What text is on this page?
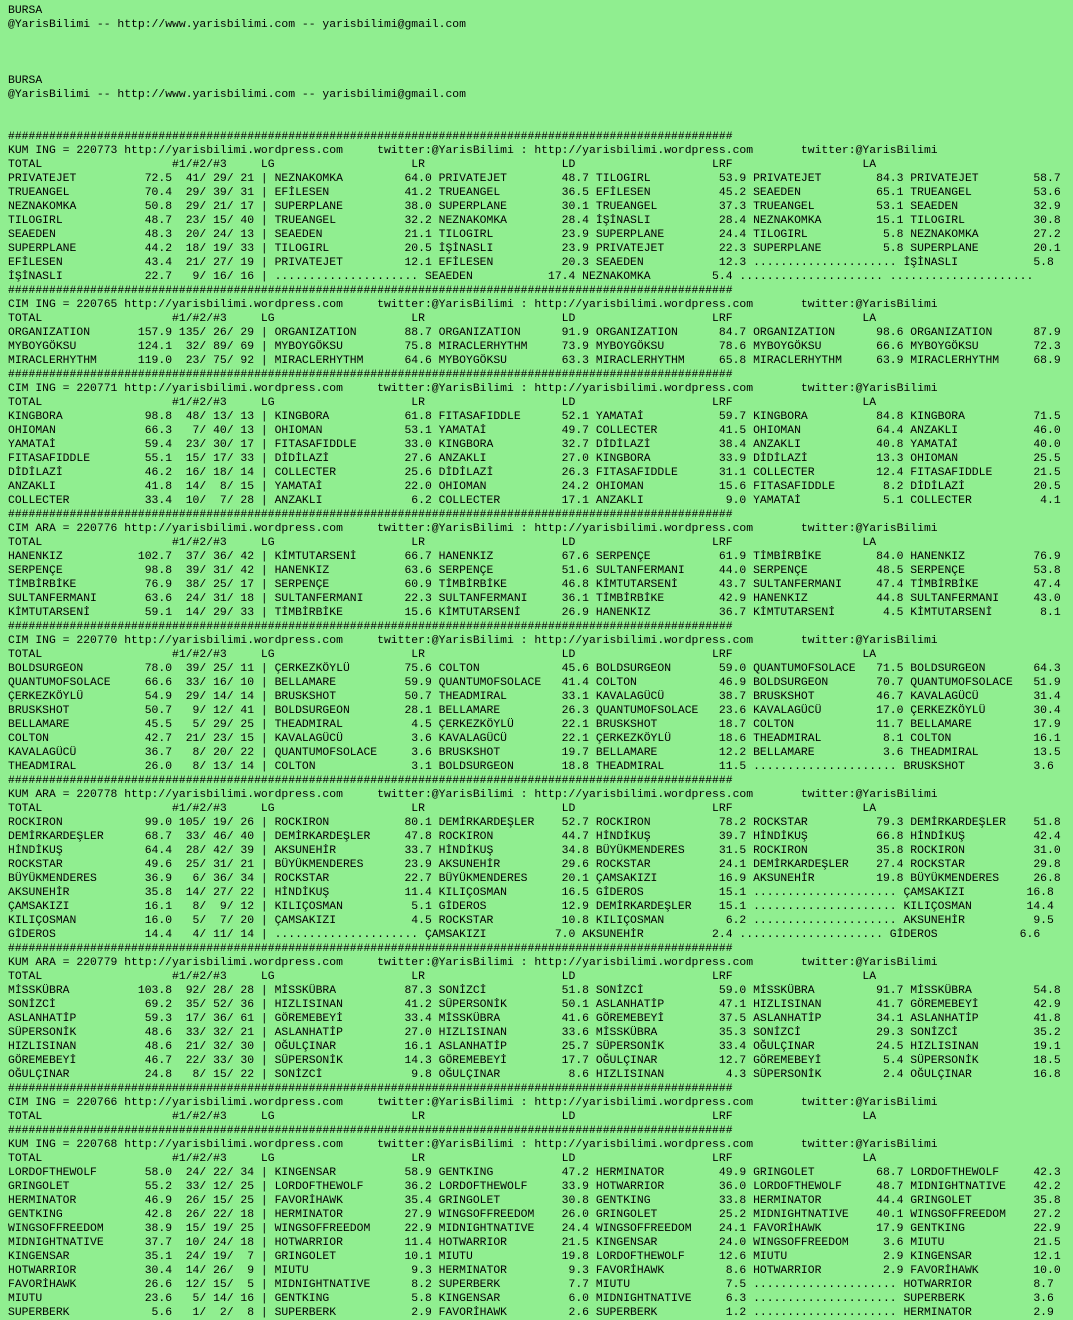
BURSA
@YarisBilimi -- http://www.yarisbilimi.com -- yarisbilimi@gmail.com

BURSA
@YarisBilimi -- http://www.yarisbilimi.com -- yarisbilimi@gmail.com

##########################################################################################################
KUM ING = 220773 http://yarisbilimi.wordpress.com     twitter:@YarisBilimi : http://yarisbilimi.wordpress.com       twitter:@YarisBilimi
TOTAL                   #1/#2/#3     LG                    LR                    LD                    LRF                   LA
PRIVATEJET          72.5  41/ 29/ 21 | NEZNAKOMKA         64.0 PRIVATEJET        48.7 TILOGIRL          53.9 PRIVATEJET        84.3 PRIVATEJET        58.7
TRUEANGEL           70.4  29/ 39/ 31 | EFİLESEN           41.2 TRUEANGEL         36.5 EFİLESEN          45.2 SEAEDEN           65.1 TRUEANGEL         53.6
NEZNAKOMKA          50.8  29/ 21/ 17 | SUPERPLANE         38.0 SUPERPLANE        30.1 TRUEANGEL         37.3 TRUEANGEL         53.1 SEAEDEN           32.9
TILOGIRL            48.7  23/ 15/ 40 | TRUEANGEL          32.2 NEZNAKOMKA        28.4 İŞİNASLI          28.4 NEZNAKOMKA        15.1 TILOGIRL          30.8
SEAEDEN             48.3  20/ 24/ 13 | SEAEDEN            21.1 TILOGIRL          23.9 SUPERPLANE        24.4 TILOGIRL           5.8 NEZNAKOMKA        27.2
SUPERPLANE          44.2  18/ 19/ 33 | TILOGIRL           20.5 İŞİNASLI          23.9 PRIVATEJET        22.3 SUPERPLANE         5.8 SUPERPLANE        20.1
EFİLESEN            43.4  21/ 27/ 19 | PRIVATEJET         12.1 EFİLESEN          20.3 SEAEDEN           12.3 ..................... İŞİNASLI           5.8
İŞİNASLI            22.7   9/ 16/ 16 | ..................... SEAEDEN           17.4 NEZNAKOMKA         5.4 ..................... .....................
##########################################################################################################
CIM ING = 220765 http://yarisbilimi.wordpress.com     twitter:@YarisBilimi : http://yarisbilimi.wordpress.com       twitter:@YarisBilimi
TOTAL                   #1/#2/#3     LG                    LR                    LD                    LRF                   LA
ORGANIZATION       157.9 135/ 26/ 29 | ORGANIZATION       88.7 ORGANIZATION      91.9 ORGANIZATION      84.7 ORGANIZATION      98.6 ORGANIZATION      87.9
MYBOYGÖKSU         124.1  32/ 89/ 69 | MYBOYGÖKSU         75.8 MIRACLERHYTHM     73.9 MYBOYGÖKSU        78.6 MYBOYGÖKSU        66.6 MYBOYGÖKSU        72.3
MIRACLERHYTHM      119.0  23/ 75/ 92 | MIRACLERHYTHM      64.6 MYBOYGÖKSU        63.3 MIRACLERHYTHM     65.8 MIRACLERHYTHM     63.9 MIRACLERHYTHM     68.9
##########################################################################################################
CIM ING = 220771 http://yarisbilimi.wordpress.com     twitter:@YarisBilimi : http://yarisbilimi.wordpress.com       twitter:@YarisBilimi
TOTAL                   #1/#2/#3     LG                    LR                    LD                    LRF                   LA
KINGBORA            98.8  48/ 13/ 13 | KINGBORA           61.8 FITASAFIDDLE      52.1 YAMATAİ           59.7 KINGBORA          84.8 KINGBORA          71.5
OHIOMAN             66.3   7/ 40/ 13 | OHIOMAN            53.1 YAMATAİ           49.7 COLLECTER         41.5 OHIOMAN           64.4 ANZAKLI           46.0
YAMATAİ             59.4  23/ 30/ 17 | FITASAFIDDLE       33.0 KINGBORA          32.7 DİDİLAZİ          38.4 ANZAKLI           40.8 YAMATAİ           40.0
FITASAFIDDLE        55.1  15/ 17/ 33 | DİDİLAZİ           27.6 ANZAKLI           27.0 KINGBORA          33.9 DİDİLAZİ          13.3 OHIOMAN           25.5
DİDİLAZİ            46.2  16/ 18/ 14 | COLLECTER          25.6 DİDİLAZİ          26.3 FITASAFIDDLE      31.1 COLLECTER         12.4 FITASAFIDDLE      21.5
ANZAKLI             41.8  14/  8/ 15 | YAMATAİ            22.0 OHIOMAN           24.2 OHIOMAN           15.6 FITASAFIDDLE       8.2 DİDİLAZİ          20.5
COLLECTER           33.4  10/  7/ 28 | ANZAKLI             6.2 COLLECTER         17.1 ANZAKLI            9.0 YAMATAİ            5.1 COLLECTER          4.1
##########################################################################################################
CIM ARA = 220776 http://yarisbilimi.wordpress.com     twitter:@YarisBilimi : http://yarisbilimi.wordpress.com       twitter:@YarisBilimi
TOTAL                   #1/#2/#3     LG                    LR                    LD                    LRF                   LA
HANENKIZ           102.7  37/ 36/ 42 | KİMTUTARSENİ       66.7 HANENKIZ          67.6 SERPENÇE          61.9 TİMBİRBİKE        84.0 HANENKIZ          76.9
SERPENÇE            98.8  39/ 31/ 42 | HANENKIZ           63.6 SERPENÇE          51.6 SULTANFERMANI     44.0 SERPENÇE          48.5 SERPENÇE          53.8
TİMBİRBİKE          76.9  38/ 25/ 17 | SERPENÇE           60.9 TİMBİRBİKE        46.8 KİMTUTARSENİ      43.7 SULTANFERMANI     47.4 TİMBİRBİKE        47.4
SULTANFERMANI       63.6  24/ 31/ 18 | SULTANFERMANI      22.3 SULTANFERMANI     36.1 TİMBİRBİKE        42.9 HANENKIZ          44.8 SULTANFERMANI     43.0
KİMTUTARSENİ        59.1  14/ 29/ 33 | TİMBİRBİKE         15.6 KİMTUTARSENİ      26.9 HANENKIZ          36.7 KİMTUTARSENİ       4.5 KİMTUTARSENİ       8.1
##########################################################################################################
CIM ING = 220770 http://yarisbilimi.wordpress.com     twitter:@YarisBilimi : http://yarisbilimi.wordpress.com       twitter:@YarisBilimi
TOTAL                   #1/#2/#3     LG                    LR                    LD                    LRF                   LA
BOLDSURGEON         78.0  39/ 25/ 11 | ÇERKEZKÖYLÜ        75.6 COLTON            45.6 BOLDSURGEON       59.0 QUANTUMOFSOLACE   71.5 BOLDSURGEON       64.3
QUANTUMOFSOLACE     66.6  33/ 16/ 10 | BELLAMARE          59.9 QUANTUMOFSOLACE   41.4 COLTON            46.9 BOLDSURGEON       70.7 QUANTUMOFSOLACE   51.9
ÇERKEZKÖYLÜ         54.9  29/ 14/ 14 | BRUSKSHOT          50.7 THEADMIRAL        33.1 KAVALAGÜCÜ        38.7 BRUSKSHOT         46.7 KAVALAGÜCÜ        31.4
BRUSKSHOT           50.7   9/ 12/ 41 | BOLDSURGEON        28.1 BELLAMARE         26.3 QUANTUMOFSOLACE   23.6 KAVALAGÜCÜ        17.0 ÇERKEZKÖYLÜ       30.4
BELLAMARE           45.5   5/ 29/ 25 | THEADMIRAL          4.5 ÇERKEZKÖYLÜ       22.1 BRUSKSHOT         18.7 COLTON            11.7 BELLAMARE         17.9
COLTON              42.7  21/ 23/ 15 | KAVALAGÜCÜ          3.6 KAVALAGÜCÜ        22.1 ÇERKEZKÖYLÜ       18.6 THEADMIRAL         8.1 COLTON            16.1
KAVALAGÜCÜ          36.7   8/ 20/ 22 | QUANTUMOFSOLACE     3.6 BRUSKSHOT         19.7 BELLAMARE         12.2 BELLAMARE          3.6 THEADMIRAL        13.5
THEADMIRAL          26.0   8/ 13/ 14 | COLTON              3.1 BOLDSURGEON       18.8 THEADMIRAL        11.5 ..................... BRUSKSHOT          3.6
##########################################################################################################
KUM ARA = 220778 http://yarisbilimi.wordpress.com     twitter:@YarisBilimi : http://yarisbilimi.wordpress.com       twitter:@YarisBilimi
TOTAL                   #1/#2/#3     LG                    LR                    LD                    LRF                   LA
ROCKIRON            99.0 105/ 19/ 26 | ROCKIRON           80.1 DEMİRKARDEŞLER    52.7 ROCKIRON          78.2 ROCKSTAR          79.3 DEMİRKARDEŞLER    51.8
DEMİRKARDEŞLER      68.7  33/ 46/ 40 | DEMİRKARDEŞLER     47.8 ROCKIRON          44.7 HİNDİKUŞ          39.7 HİNDİKUŞ          66.8 HİNDİKUŞ          42.4
HİNDİKUŞ            64.4  28/ 42/ 39 | AKSUNEHİR          33.7 HİNDİKUŞ          34.8 BÜYÜKMENDERES     31.5 ROCKIRON          35.8 ROCKIRON          31.0
ROCKSTAR            49.6  25/ 31/ 21 | BÜYÜKMENDERES      23.9 AKSUNEHİR         29.6 ROCKSTAR          24.1 DEMİRKARDEŞLER    27.4 ROCKSTAR          29.8
BÜYÜKMENDERES       36.9   6/ 36/ 34 | ROCKSTAR           22.7 BÜYÜKMENDERES     20.1 ÇAMSAKIZI         16.9 AKSUNEHİR         19.8 BÜYÜKMENDERES     26.8
AKSUNEHİR           35.8  14/ 27/ 22 | HİNDİKUŞ           11.4 KILIÇOSMAN        16.5 GİDEROS           15.1 ..................... ÇAMSAKIZI         16.8
ÇAMSAKIZI           16.1   8/  9/ 12 | KILIÇOSMAN          5.1 GİDEROS           12.9 DEMİRKARDEŞLER    15.1 ..................... KILIÇOSMAN        14.4
KILIÇOSMAN          16.0   5/  7/ 20 | ÇAMSAKIZI           4.5 ROCKSTAR          10.8 KILIÇOSMAN         6.2 ..................... AKSUNEHİR          9.5
GİDEROS             14.4   4/ 11/ 14 | ..................... ÇAMSAKIZI          7.0 AKSUNEHİR          2.4 ..................... GİDEROS            6.6
##########################################################################################################
KUM ARA = 220779 http://yarisbilimi.wordpress.com     twitter:@YarisBilimi : http://yarisbilimi.wordpress.com       twitter:@YarisBilimi
TOTAL                   #1/#2/#3     LG                    LR                    LD                    LRF                   LA
MİSSKÜBRA          103.8  92/ 28/ 28 | MİSSKÜBRA          87.3 SONİZCİ           51.8 SONİZCİ           59.0 MİSSKÜBRA         91.7 MİSSKÜBRA         54.8
SONİZCİ             69.2  35/ 52/ 36 | HIZLISINAN         41.2 SÜPERSONİK        50.1 ASLANHATİP        47.1 HIZLISINAN        41.7 GÖREMEBEYİ        42.9
ASLANHATİP          59.3  17/ 36/ 61 | GÖREMEBEYİ         33.4 MİSSKÜBRA         41.6 GÖREMEBEYİ        37.5 ASLANHATİP        34.1 ASLANHATİP        41.8
SÜPERSONİK          48.6  33/ 32/ 21 | ASLANHATİP         27.0 HIZLISINAN        33.6 MİSSKÜBRA         35.3 SONİZCİ           29.3 SONİZCİ           35.2
HIZLISINAN          48.6  21/ 32/ 30 | OĞULÇINAR          16.1 ASLANHATİP        25.7 SÜPERSONİK        33.4 OĞULÇINAR         24.5 HIZLISINAN        19.1
GÖREMEBEYİ          46.7  22/ 33/ 30 | SÜPERSONİK         14.3 GÖREMEBEYİ        17.7 OĞULÇINAR         12.7 GÖREMEBEYİ         5.4 SÜPERSONİK        18.5
OĞULÇINAR           24.8   8/ 15/ 22 | SONİZCİ             9.8 OĞULÇINAR          8.6 HIZLISINAN         4.3 SÜPERSONİK         2.4 OĞULÇINAR         16.8
##########################################################################################################
CIM ING = 220766 http://yarisbilimi.wordpress.com     twitter:@YarisBilimi : http://yarisbilimi.wordpress.com       twitter:@YarisBilimi
TOTAL                   #1/#2/#3     LG                    LR                    LD                    LRF                   LA
##########################################################################################################
KUM ING = 220768 http://yarisbilimi.wordpress.com     twitter:@YarisBilimi : http://yarisbilimi.wordpress.com       twitter:@YarisBilimi
TOTAL                   #1/#2/#3     LG                    LR                    LD                    LRF                   LA
LORDOFTHEWOLF       58.0  24/ 22/ 34 | KINGENSAR          58.9 GENTKING          47.2 HERMINATOR        49.9 GRINGOLET         68.7 LORDOFTHEWOLF     42.3
GRINGOLET           55.2  33/ 12/ 25 | LORDOFTHEWOLF      36.2 LORDOFTHEWOLF     33.9 HOTWARRIOR        36.0 LORDOFTHEWOLF     48.7 MIDNIGHTNATIVE    42.2
HERMINATOR          46.9  26/ 15/ 25 | FAVORİHAWK         35.4 GRINGOLET         30.8 GENTKING          33.8 HERMINATOR        44.4 GRINGOLET         35.8
GENTKING            42.8  26/ 22/ 18 | HERMINATOR         27.9 WINGSOFFREEDOM    26.0 GRINGOLET         25.2 MIDNIGHTNATIVE    40.1 WINGSOFFREEDOM    27.2
WINGSOFFREEDOM      38.9  15/ 19/ 25 | WINGSOFFREEDOM     22.9 MIDNIGHTNATIVE    24.4 WINGSOFFREEDOM    24.1 FAVORİHAWK        17.9 GENTKING          22.9
MIDNIGHTNATIVE      37.7  10/ 24/ 18 | HOTWARRIOR         11.4 HOTWARRIOR        21.5 KINGENSAR         24.0 WINGSOFFREEDOM     3.6 MIUTU             21.5
KINGENSAR           35.1  24/ 19/  7 | GRINGOLET          10.1 MIUTU             19.8 LORDOFTHEWOLF     12.6 MIUTU              2.9 KINGENSAR         12.1
HOTWARRIOR          30.4  14/ 26/  9 | MIUTU               9.3 HERMINATOR         9.3 FAVORİHAWK         8.6 HOTWARRIOR         2.9 FAVORİHAWK        10.0
FAVORİHAWK          26.6  12/ 15/  5 | MIDNIGHTNATIVE      8.2 SUPERBERK          7.7 MIUTU              7.5 ..................... HOTWARRIOR         8.7
MIUTU               23.6   5/ 14/ 16 | GENTKING            5.8 KINGENSAR          6.0 MIDNIGHTNATIVE     6.3 ..................... SUPERBERK          3.6
SUPERBERK            5.6   1/  2/  8 | SUPERBERK           2.9 FAVORİHAWK         2.6 SUPERBERK          1.2 ..................... HERMINATOR         2.9
